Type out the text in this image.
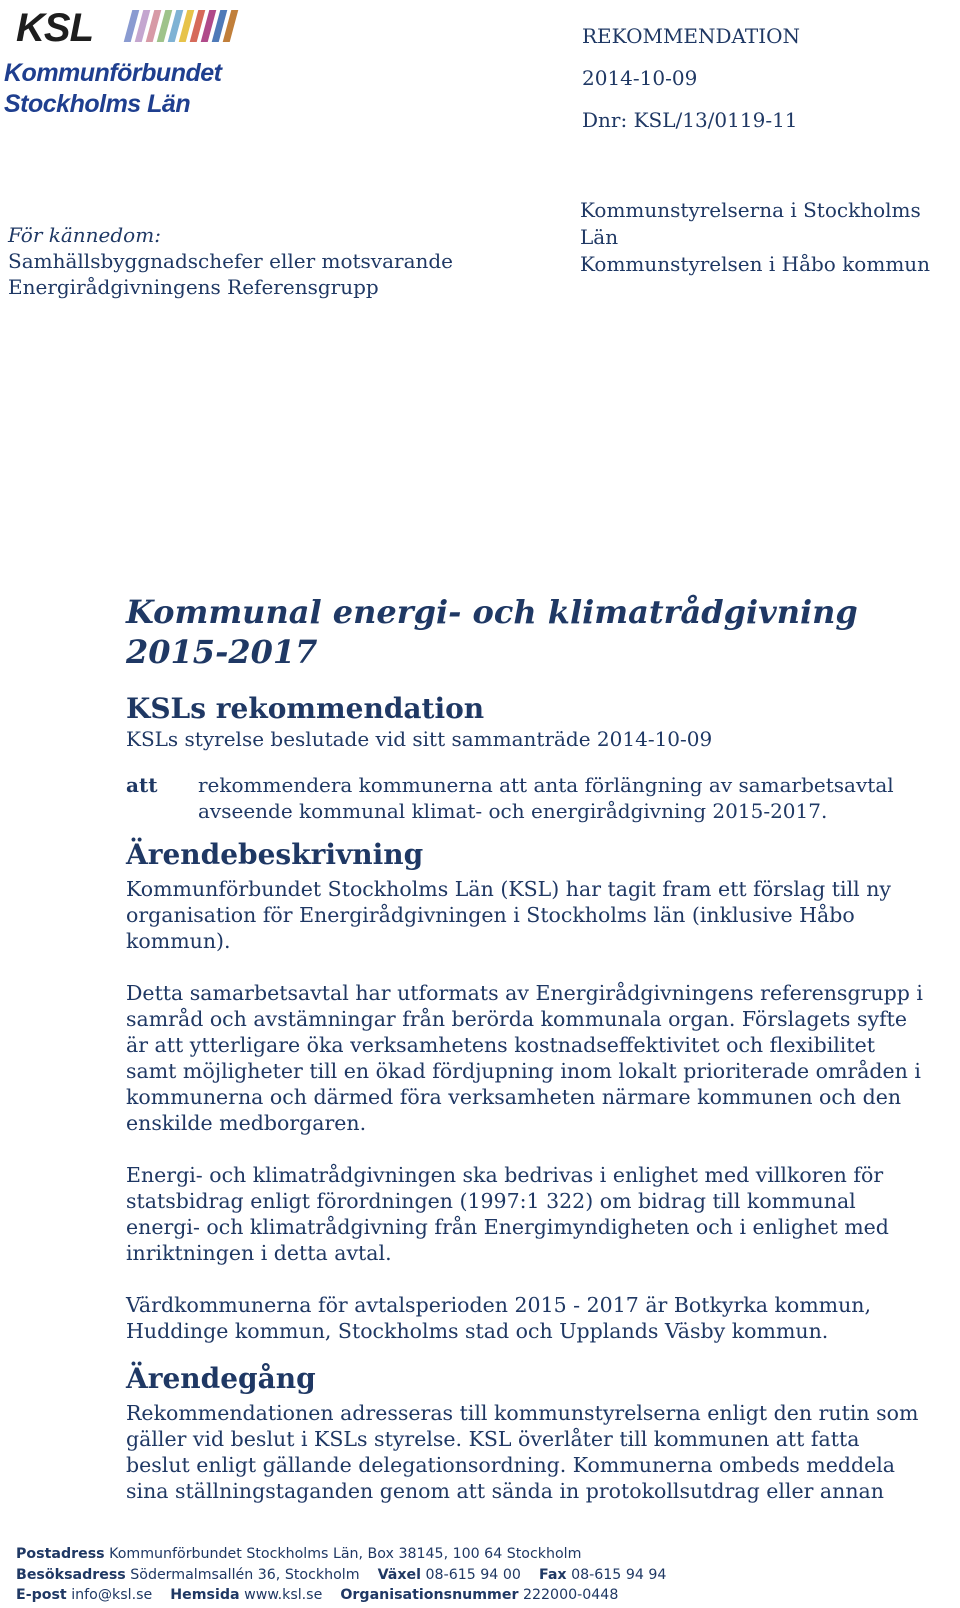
KSL
Kommunförbundet
Stockholms Län
REKOMMENDATION
2014-10-09
Dnr: KSL/13/0119-11
Kommunstyrelserna i Stockholms Län
Kommunstyrelsen i Håbo kommun
För kännedom:
Samhällsbyggnadschefer eller motsvarande
Energirådgivningens Referensgrupp
Kommunal energi- och klimatrådgivning 2015-2017
KSLs rekommendation

KSLs styrelse beslutade vid sitt sammanträde 2014-10-09

att	rekommendera kommunerna att anta förlängning av samarbetsavtal avseende kommunal klimat- och energirådgivning 2015-2017.
Ärendebeskrivning

Kommunförbundet Stockholms Län (KSL) har tagit fram ett förslag till ny organisation för Energirådgivningen i Stockholms län (inklusive Håbo kommun).

Detta samarbetsavtal har utformats av Energirådgivningens referensgrupp i samråd och avstämningar från berörda kommunala organ. Förslagets syfte är att ytterligare öka verksamhetens kostnadseffektivitet och flexibilitet samt möjligheter till en ökad fördjupning inom lokalt prioriterade områden i kommunerna och därmed föra verksamheten närmare kommunen och den enskilde medborgaren.

Energi- och klimatrådgivningen ska bedrivas i enlighet med villkoren för statsbidrag enligt förordningen (1997:1 322) om bidrag till kommunal energi- och klimatrådgivning från Energimyndigheten och i enlighet med inriktningen i detta avtal.

Värdkommunerna för avtalsperioden 2015 - 2017 är Botkyrka kommun, Huddinge kommun, Stockholms stad och Upplands Väsby kommun.

Ärendegång

Rekommendationen adresseras till kommunstyrelserna enligt den rutin som gäller vid beslut i KSLs styrelse. KSL överlåter till kommunen att fatta beslut enligt gällande delegationsordning. Kommunerna ombeds meddela sina ställningstaganden genom att sända in protokollsutdrag eller annan

Postadress Kommunförbundet Stockholms Län, Box 38145, 100 64 Stockholm
Besöksadress Södermalmsallén 36, Stockholm Växel 08-615 94 00 Fax 08-615 94 94
E-post info@ksl.se Hemsida www.ksl.se Organisationsnummer 222000-0448
